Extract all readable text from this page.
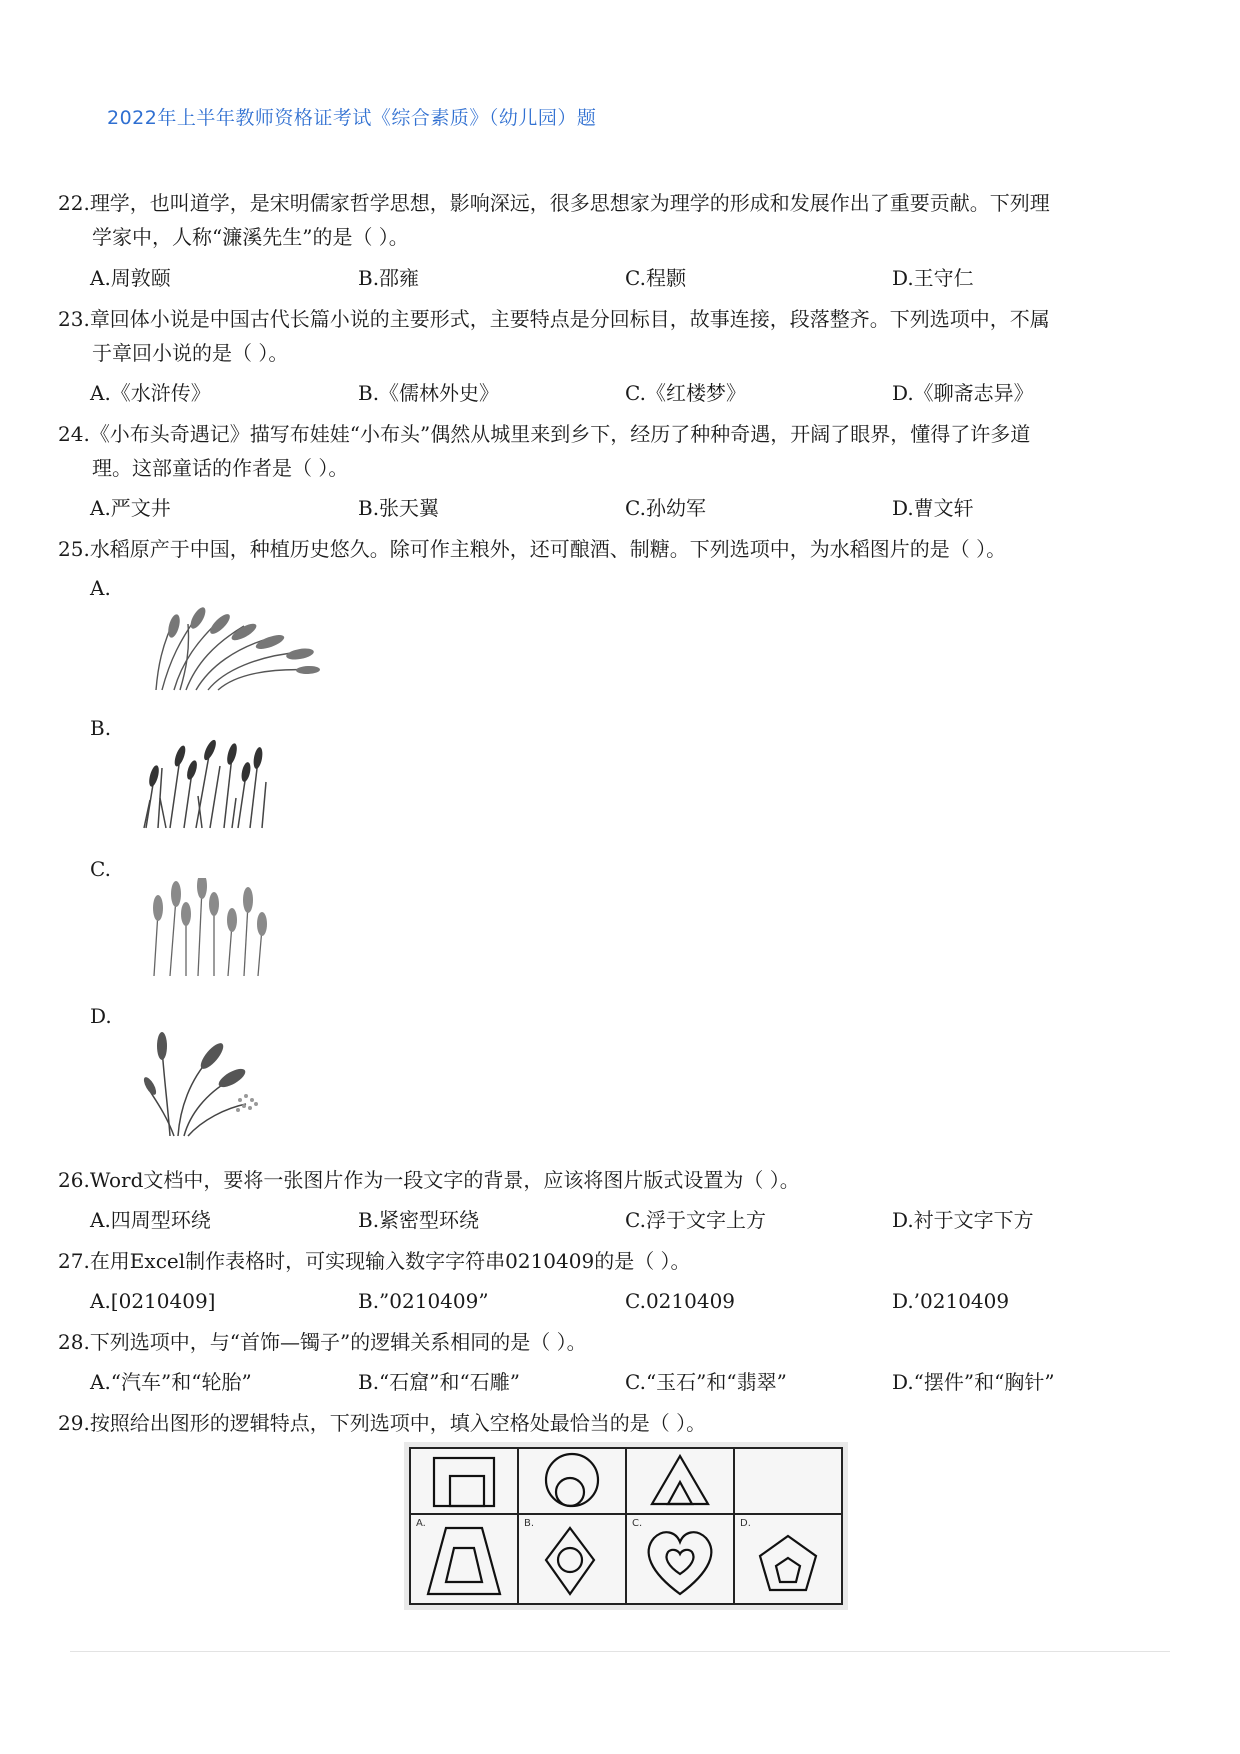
2022年上半年教师资格证考试《综合素质》（幼儿园）题
22.理学，也叫道学，是宋明儒家哲学思想，影响深远，很多思想家为理学的形成和发展作出了重要贡献。下列理
学家中，人称“濂溪先生”的是（ ）。
A.周敦颐	B.邵雍	C.程颢	D.王守仁
23.章回体小说是中国古代长篇小说的主要形式，主要特点是分回标目，故事连接，段落整齐。下列选项中，不属
于章回小说的是（ ）。
A.《水浒传》	B.《儒林外史》	C.《红楼梦》	D.《聊斋志异》
24.《小布头奇遇记》描写布娃娃“小布头”偶然从城里来到乡下，经历了种种奇遇，开阔了眼界，懂得了许多道
理。这部童话的作者是（ ）。
A.严文井	B.张天翼	C.孙幼军	D.曹文轩
25.水稻原产于中国，种植历史悠久。除可作主粮外，还可酿酒、制糖。下列选项中，为水稻图片的是（ ）。
A.
B.
C.
D.
26.Word文档中，要将一张图片作为一段文字的背景，应该将图片版式设置为（ ）。
A.四周型环绕	B.紧密型环绕	C.浮于文字上方	D.衬于文字下方
27.在用Excel制作表格时，可实现输入数字字符串0210409的是（ ）。
A.[0210409]	B.”0210409”	C.0210409	D.’0210409
28.下列选项中，与“首饰—镯子”的逻辑关系相同的是（ ）。
A.“汽车”和“轮胎”	B.“石窟”和“石雕”	C.“玉石”和“翡翠”	D.“摆件”和“胸针”
29.按照给出图形的逻辑特点，下列选项中，填入空格处最恰当的是（ ）。
A.	B.	C.	D.
